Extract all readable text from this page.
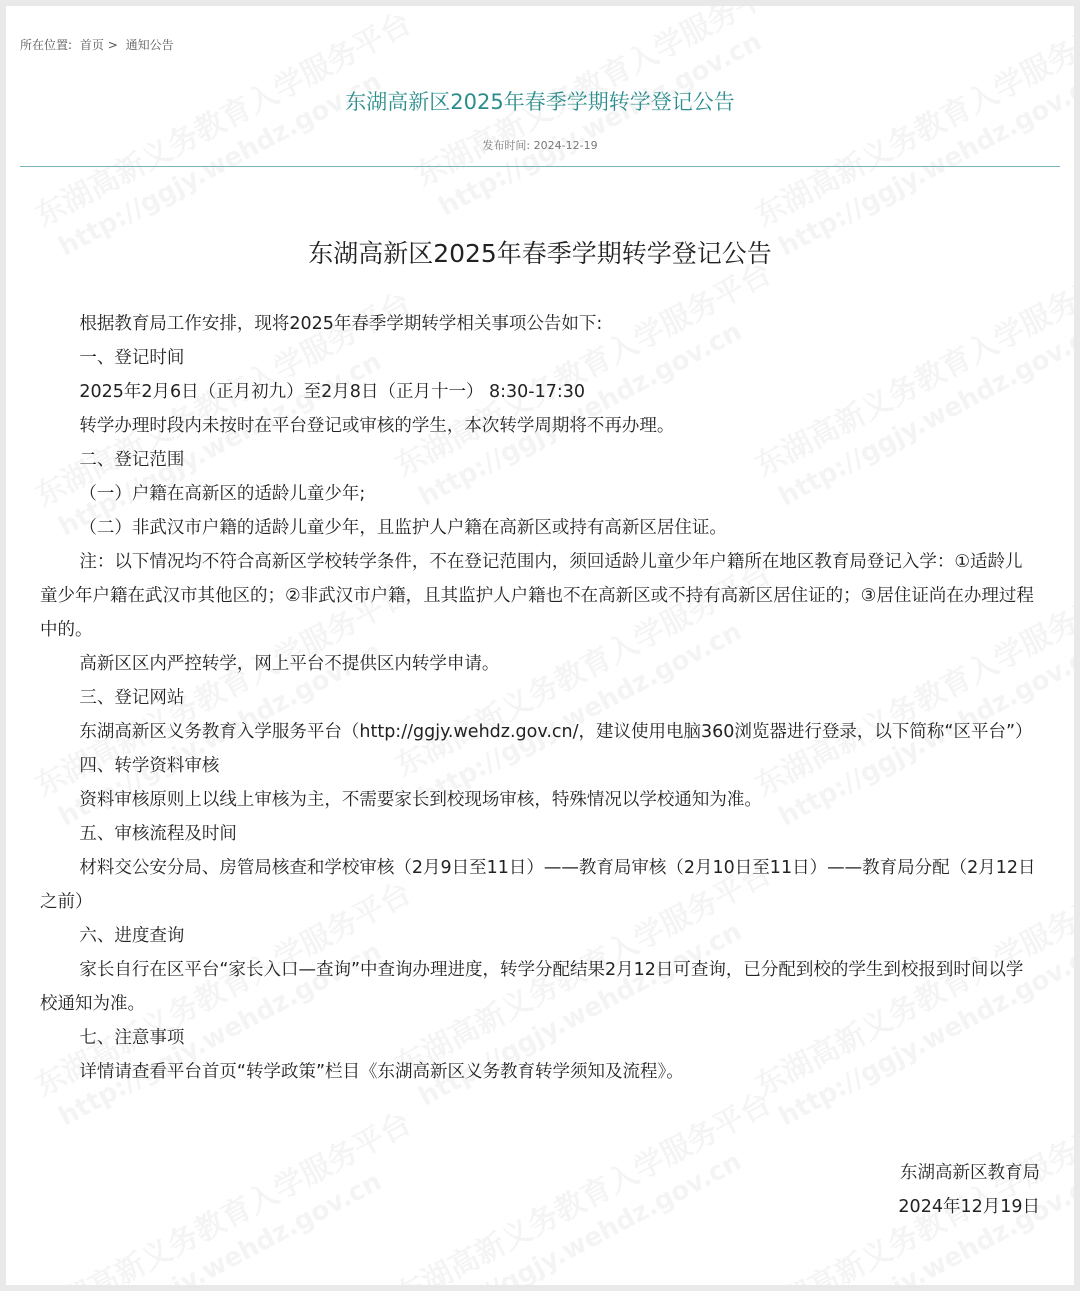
所在位置: 首页 > 通知公告
东湖高新区2025年春季学期转学登记公告
发布时间: 2024-12-19
东湖高新区2025年春季学期转学登记公告

根据教育局工作安排，现将2025年春季学期转学相关事项公告如下:

一、登记时间

2025年2月6日（正月初九）至2月8日（正月十一） 8:30-17:30

转学办理时段内未按时在平台登记或审核的学生，本次转学周期将不再办理。

二、登记范围

（一）户籍在高新区的适龄儿童少年;

（二）非武汉市户籍的适龄儿童少年，且监护人户籍在高新区或持有高新区居住证。

注：以下情况均不符合高新区学校转学条件，不在登记范围内，须回适龄儿童少年户籍所在地区教育局登记入学：①适龄儿童少年户籍在武汉市其他区的；②非武汉市户籍，且其监护人户籍也不在高新区或不持有高新区居住证的；③居住证尚在办理过程中的。

高新区区内严控转学，网上平台不提供区内转学申请。

三、登记网站

东湖高新区义务教育入学服务平台（http://ggjy.wehdz.gov.cn/，建议使用电脑360浏览器进行登录，以下简称“区平台”）

四、转学资料审核

资料审核原则上以线上审核为主，不需要家长到校现场审核，特殊情况以学校通知为准。

五、审核流程及时间

材料交公安分局、房管局核查和学校审核（2月9日至11日）——教育局审核（2月10日至11日）——教育局分配（2月12日之前）

六、进度查询

家长自行在区平台“家长入口—查询”中查询办理进度，转学分配结果2月12日可查询，已分配到校的学生到校报到时间以学校通知为准。

七、注意事项

详情请查看平台首页“转学政策”栏目《东湖高新区义务教育转学须知及流程》。

东湖高新区教育局
2024年12月19日
